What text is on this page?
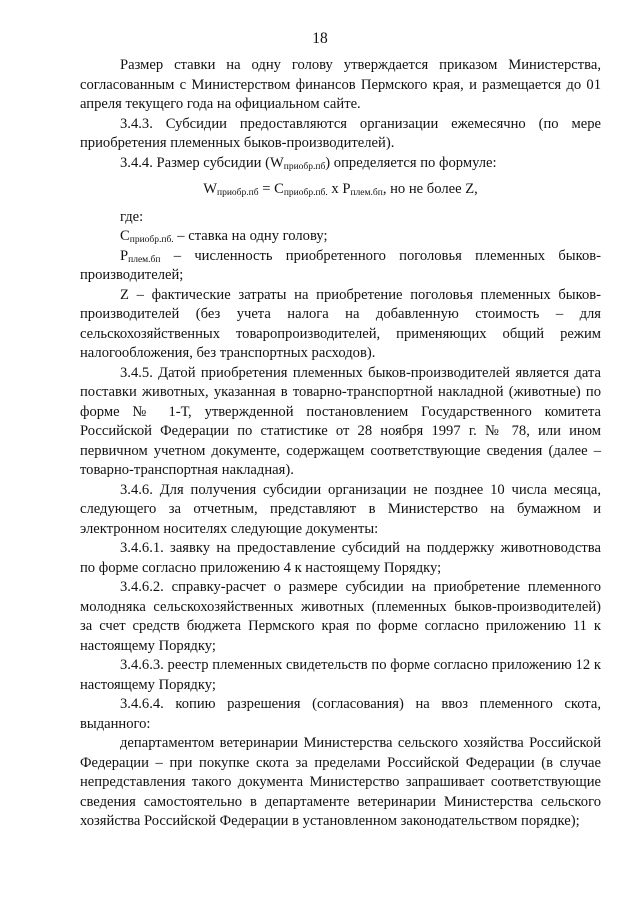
18

Размер ставки на одну голову утверждается приказом Министерства, согласованным с Министерством финансов Пермского края, и размещается до 01 апреля текущего года на официальном сайте.

3.4.3. Субсидии предоставляются организации ежемесячно (по мере приобретения племенных быков-производителей).

3.4.4. Размер субсидии $(W_{приобр.пб})$ определяется по формуле:

$W_{приобр.пб} = C_{приобр.пб.}$ x $P_{плем.бп}$, но не более Z,

где:

$C_{приобр.пб.}$ – ставка на одну голову;

$P_{плем.бп}$ – численность приобретенного поголовья племенных быков-производителей;

Z – фактические затраты на приобретение поголовья племенных быков-производителей (без учета налога на добавленную стоимость – для сельскохозяйственных товаропроизводителей, применяющих общий режим налогообложения, без транспортных расходов).

3.4.5. Датой приобретения племенных быков-производителей является дата поставки животных, указанная в товарно-транспортной накладной (животные) по форме № 1-Т, утвержденной постановлением Государственного комитета Российской Федерации по статистике от 28 ноября 1997 г. № 78, или ином первичном учетном документе, содержащем соответствующие сведения (далее – товарно-транспортная накладная).

3.4.6. Для получения субсидии организации не позднее 10 числа месяца, следующего за отчетным, представляют в Министерство на бумажном и электронном носителях следующие документы:

3.4.6.1. заявку на предоставление субсидий на поддержку животноводства по форме согласно приложению 4 к настоящему Порядку;

3.4.6.2. справку-расчет о размере субсидии на приобретение племенного молодняка сельскохозяйственных животных (племенных быков-производителей) за счет средств бюджета Пермского края по форме согласно приложению 11 к настоящему Порядку;

3.4.6.3. реестр племенных свидетельств по форме согласно приложению 12 к настоящему Порядку;

3.4.6.4. копию разрешения (согласования) на ввоз племенного скота, выданного:

департаментом ветеринарии Министерства сельского хозяйства Российской Федерации – при покупке скота за пределами Российской Федерации (в случае непредставления такого документа Министерство запрашивает соответствующие сведения самостоятельно в департаменте ветеринарии Министерства сельского хозяйства Российской Федерации в установленном законодательством порядке);
